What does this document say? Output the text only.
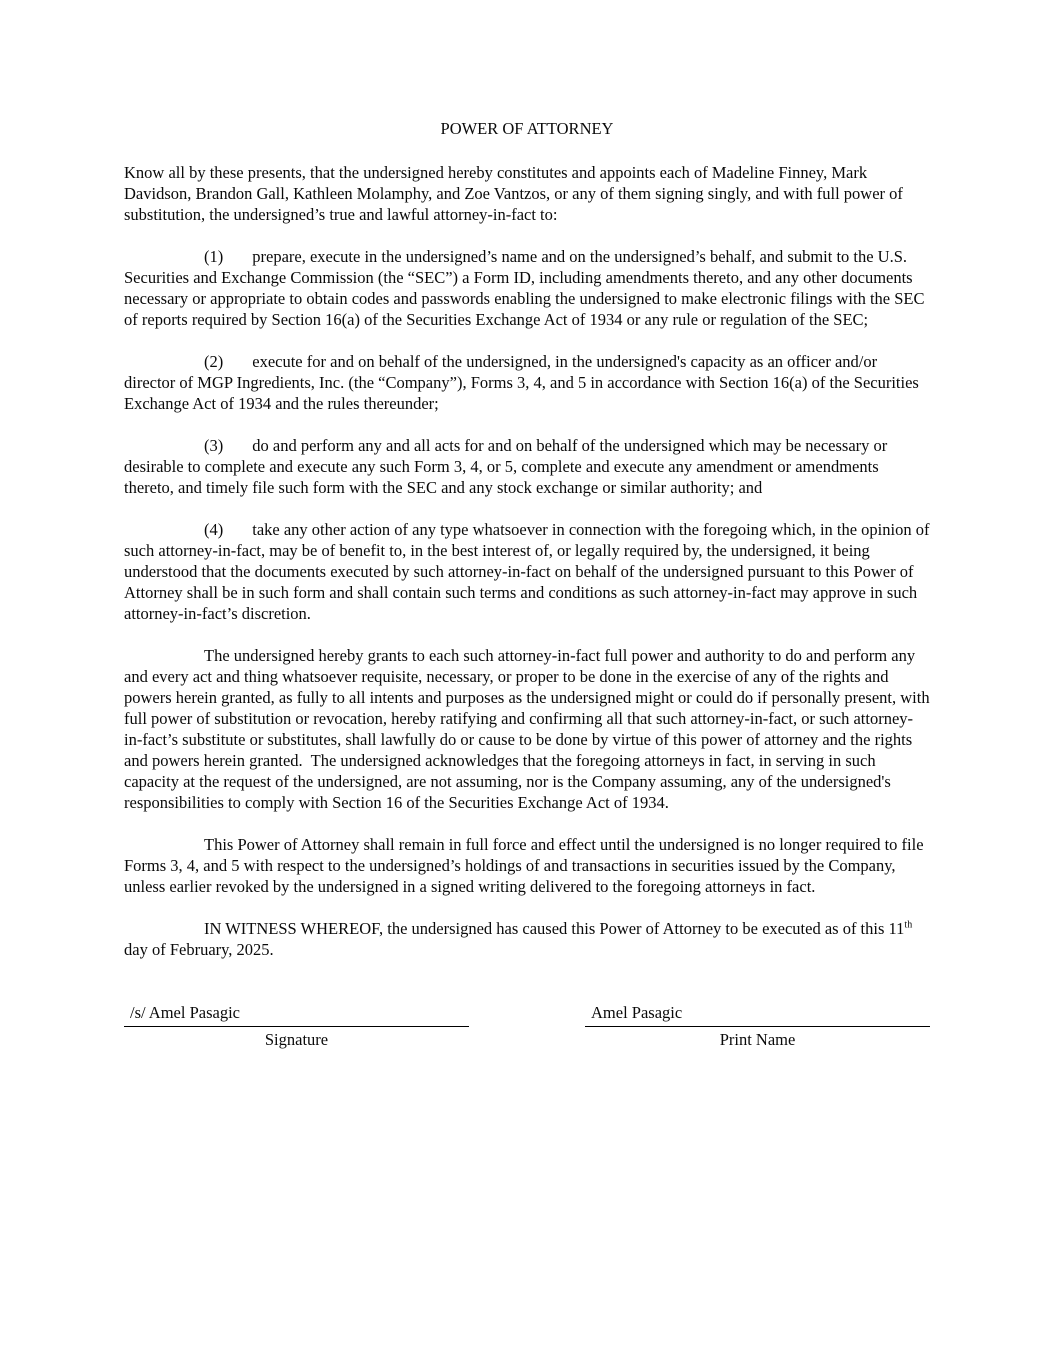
POWER OF ATTORNEY

Know all by these presents, that the undersigned hereby constitutes and appoints each of Madeline Finney, Mark Davidson, Brandon Gall, Kathleen Molamphy, and Zoe Vantzos, or any of them signing singly, and with full power of substitution, the undersigned’s true and lawful attorney-in-fact to:

(1) prepare, execute in the undersigned’s name and on the undersigned’s behalf, and submit to the U.S. Securities and Exchange Commission (the “SEC”) a Form ID, including amendments thereto, and any other documents necessary or appropriate to obtain codes and passwords enabling the undersigned to make electronic filings with the SEC of reports required by Section 16(a) of the Securities Exchange Act of 1934 or any rule or regulation of the SEC;

(2) execute for and on behalf of the undersigned, in the undersigned's capacity as an officer and/or director of MGP Ingredients, Inc. (the “Company”), Forms 3, 4, and 5 in accordance with Section 16(a) of the Securities Exchange Act of 1934 and the rules thereunder;

(3) do and perform any and all acts for and on behalf of the undersigned which may be necessary or desirable to complete and execute any such Form 3, 4, or 5, complete and execute any amendment or amendments thereto, and timely file such form with the SEC and any stock exchange or similar authority; and

(4) take any other action of any type whatsoever in connection with the foregoing which, in the opinion of such attorney-in-fact, may be of benefit to, in the best interest of, or legally required by, the undersigned, it being understood that the documents executed by such attorney-in-fact on behalf of the undersigned pursuant to this Power of Attorney shall be in such form and shall contain such terms and conditions as such attorney-in-fact may approve in such attorney-in-fact’s discretion.

The undersigned hereby grants to each such attorney-in-fact full power and authority to do and perform any and every act and thing whatsoever requisite, necessary, or proper to be done in the exercise of any of the rights and powers herein granted, as fully to all intents and purposes as the undersigned might or could do if personally present, with full power of substitution or revocation, hereby ratifying and confirming all that such attorney-in-fact, or such attorney-in-fact’s substitute or substitutes, shall lawfully do or cause to be done by virtue of this power of attorney and the rights and powers herein granted.  The undersigned acknowledges that the foregoing attorneys in fact, in serving in such capacity at the request of the undersigned, are not assuming, nor is the Company assuming, any of the undersigned's responsibilities to comply with Section 16 of the Securities Exchange Act of 1934.

This Power of Attorney shall remain in full force and effect until the undersigned is no longer required to file Forms 3, 4, and 5 with respect to the undersigned’s holdings of and transactions in securities issued by the Company, unless earlier revoked by the undersigned in a signed writing delivered to the foregoing attorneys in fact.

IN WITNESS WHEREOF, the undersigned has caused this Power of Attorney to be executed as of this 11th day of February, 2025.

/s/ Amel Pasagic
Signature
Amel Pasagic
Print Name
